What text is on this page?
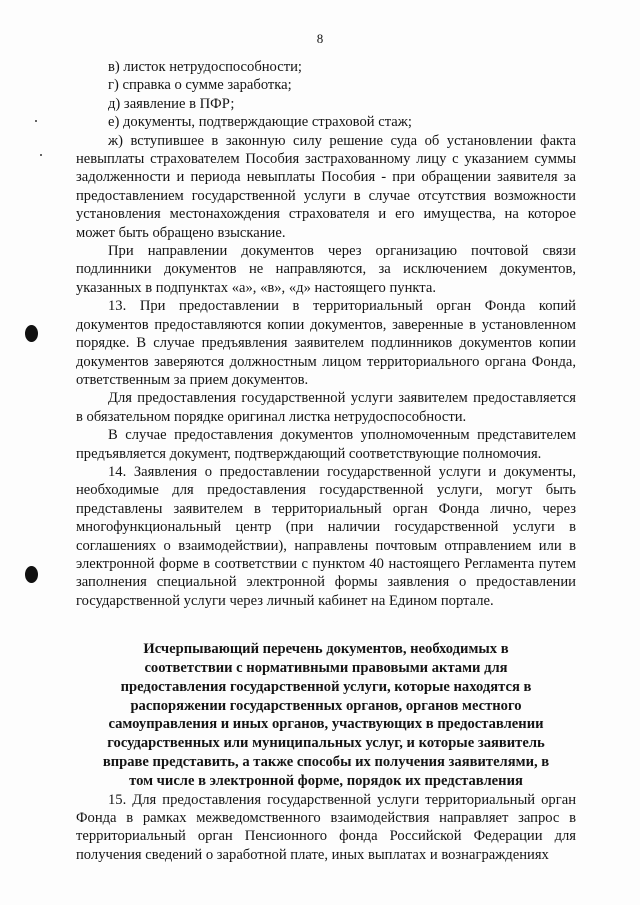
8
в) листок нетрудоспособности;
г) справка о сумме заработка;
д) заявление в ПФР;
е) документы, подтверждающие страховой стаж;

ж) вступившее в законную силу решение суда об установлении факта невыплаты страхователем Пособия застрахованному лицу с указанием суммы задолженности и периода невыплаты Пособия - при обращении заявителя за предоставлением государственной услуги в случае отсутствия возможности установления местонахождения страхователя и его имущества, на которое может быть обращено взыскание.

При направлении документов через организацию почтовой связи подлинники документов не направляются, за исключением документов, указанных в подпунктах «а», «в», «д» настоящего пункта.

13. При предоставлении в территориальный орган Фонда копий документов предоставляются копии документов, заверенные в установленном порядке. В случае предъявления заявителем подлинников документов копии документов заверяются должностным лицом территориального органа Фонда, ответственным за прием документов.

Для предоставления государственной услуги заявителем предоставляется в обязательном порядке оригинал листка нетрудоспособности.

В случае предоставления документов уполномоченным представителем предъявляется документ, подтверждающий соответствующие полномочия.

14. Заявления о предоставлении государственной услуги и документы, необходимые для предоставления государственной услуги, могут быть представлены заявителем в территориальный орган Фонда лично, через многофункциональный центр (при наличии государственной услуги в соглашениях о взаимодействии), направлены почтовым отправлением или в электронной форме в соответствии с пунктом 40 настоящего Регламента путем заполнения специальной электронной формы заявления о предоставлении государственной услуги через личный кабинет на Едином портале.

Исчерпывающий перечень документов, необходимых в соответствии с нормативными правовыми актами для предоставления государственной услуги, которые находятся в распоряжении государственных органов, органов местного самоуправления и иных органов, участвующих в предоставлении государственных или муниципальных услуг, и которые заявитель вправе представить, а также способы их получения заявителями, в том числе в электронной форме, порядок их представления

15. Для предоставления государственной услуги территориальный орган Фонда в рамках межведомственного взаимодействия направляет запрос в территориальный орган Пенсионного фонда Российской Федерации для получения сведений о заработной плате, иных выплатах и вознаграждениях
